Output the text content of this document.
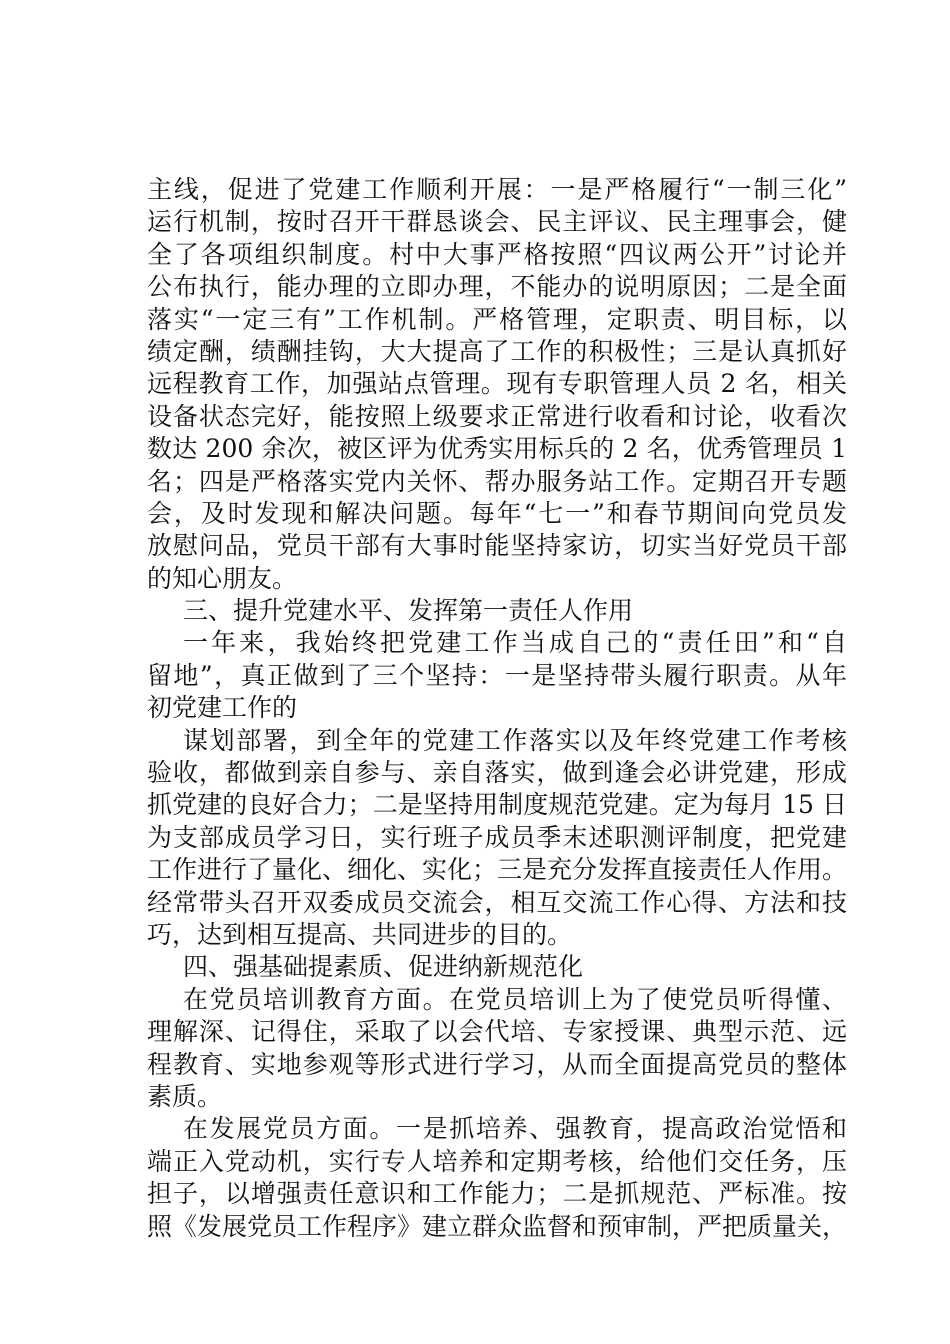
主线，促进了党建工作顺利开展：一是严格履行“一制三化”
运行机制，按时召开干群恳谈会、民主评议、民主理事会，健
全了各项组织制度。村中大事严格按照“四议两公开”讨论并
公布执行，能办理的立即办理，不能办的说明原因；二是全面
落实“一定三有”工作机制。严格管理，定职责、明目标，以
绩定酬，绩酬挂钩，大大提高了工作的积极性；三是认真抓好
远程教育工作，加强站点管理。现有专职管理人员 2 名，相关
设备状态完好，能按照上级要求正常进行收看和讨论，收看次
数达 200 余次，被区评为优秀实用标兵的 2 名，优秀管理员 1
名；四是严格落实党内关怀、帮办服务站工作。定期召开专题
会，及时发现和解决问题。每年“七一”和春节期间向党员发
放慰问品，党员干部有大事时能坚持家访，切实当好党员干部
的知心朋友。
三、提升党建水平、发挥第一责任人作用
一年来，我始终把党建工作当成自己的“责任田”和“自
留地”，真正做到了三个坚持：一是坚持带头履行职责。从年
初党建工作的
谋划部署，到全年的党建工作落实以及年终党建工作考核
验收，都做到亲自参与、亲自落实，做到逢会必讲党建，形成
抓党建的良好合力；二是坚持用制度规范党建。定为每月 15 日
为支部成员学习日，实行班子成员季末述职测评制度，把党建
工作进行了量化、细化、实化；三是充分发挥直接责任人作用。
经常带头召开双委成员交流会，相互交流工作心得、方法和技
巧，达到相互提高、共同进步的目的。
四、强基础提素质、促进纳新规范化
在党员培训教育方面。在党员培训上为了使党员听得懂、
理解深、记得住，采取了以会代培、专家授课、典型示范、远
程教育、实地参观等形式进行学习，从而全面提高党员的整体
素质。
在发展党员方面。一是抓培养、强教育，提高政治觉悟和
端正入党动机，实行专人培养和定期考核，给他们交任务，压
担子，以增强责任意识和工作能力；二是抓规范、严标准。按
照《发展党员工作程序》建立群众监督和预审制，严把质量关，
